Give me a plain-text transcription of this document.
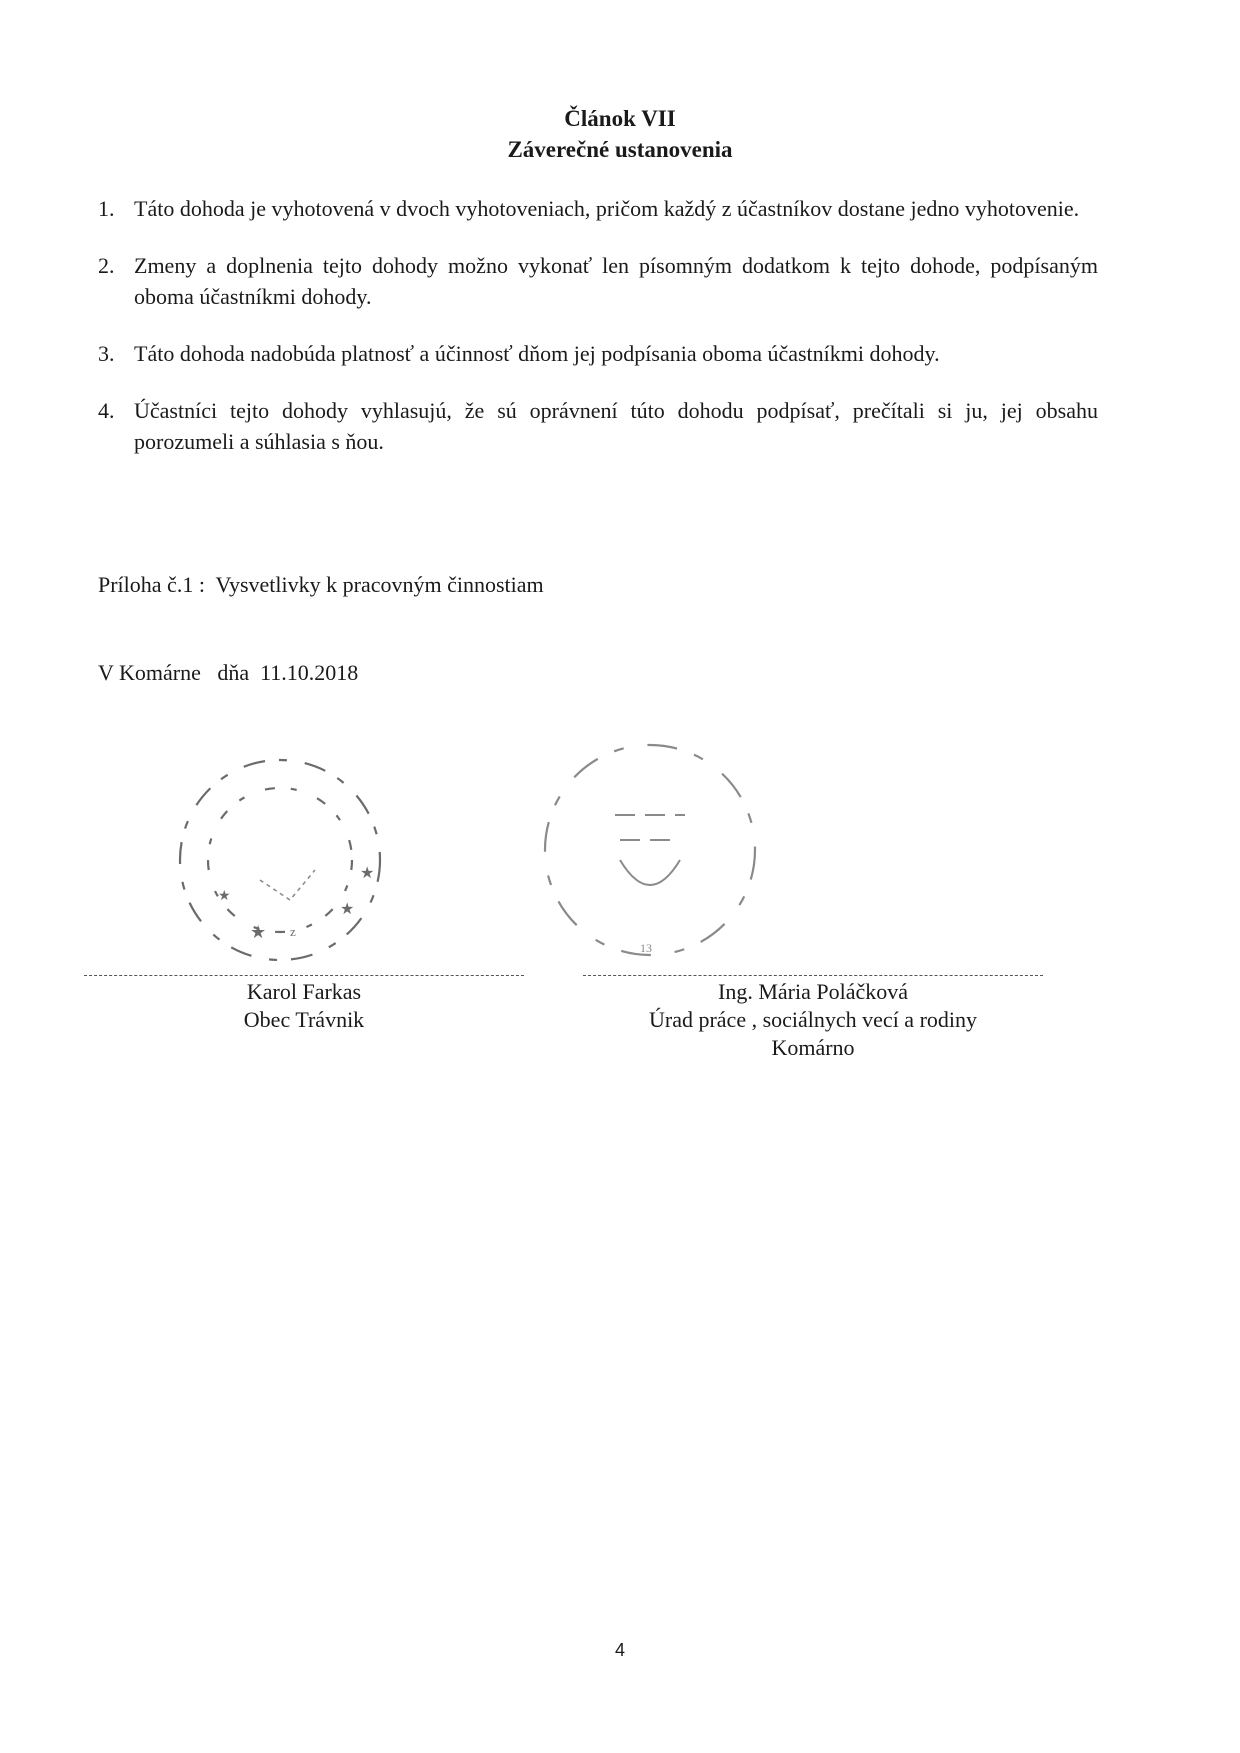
Článok VII
Záverečné ustanovenia
1. Táto dohoda je vyhotovená v dvoch vyhotoveniach, pričom každý z účastníkov dostane jedno vyhotovenie.
2. Zmeny a doplnenia tejto dohody možno vykonať len písomným dodatkom k tejto dohode, podpísaným oboma účastníkmi dohody.
3. Táto dohoda nadobúda platnosť a účinnosť dňom jej podpísania oboma účastníkmi dohody.
4. Účastníci tejto dohody vyhlasujú, že sú oprávnení túto dohodu podpísať, prečítali si ju, jej obsahu porozumeli a súhlasia s ňou.
Príloha č.1 :  Vysvetlivky k pracovným činnostiam
V Komárne   dňa  11.10.2018
★
★
★
★
z
13
Karol Farkas
Obec Trávnik
Ing. Mária Poláčková
Úrad práce , sociálnych vecí a rodiny
Komárno
4
